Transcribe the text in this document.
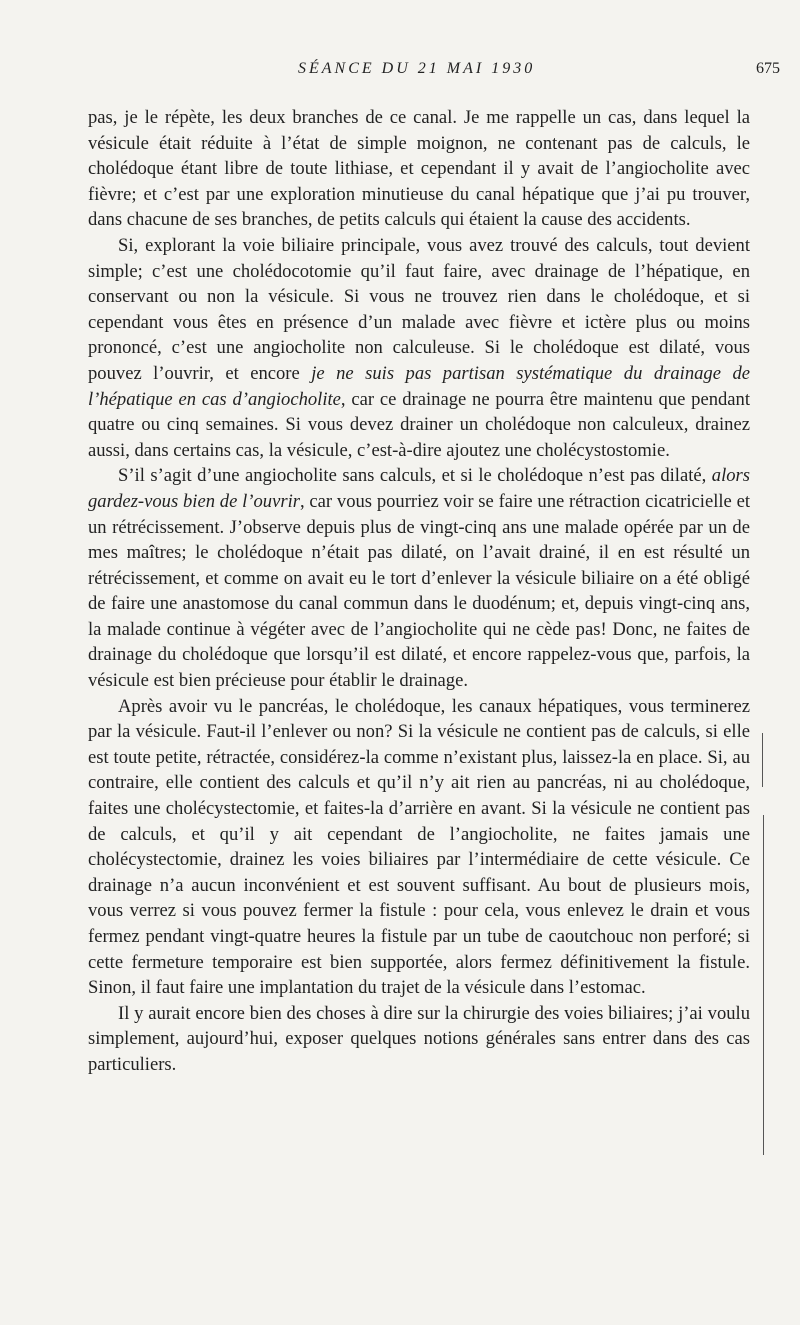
SÉANCE DU 21 MAI 1930	675

pas, je le répète, les deux branches de ce canal. Je me rappelle un cas, dans lequel la vésicule était réduite à l’état de simple moignon, ne contenant pas de calculs, le cholédoque étant libre de toute lithiase, et cependant il y avait de l’angiocholite avec fièvre; et c’est par une exploration minutieuse du canal hépatique que j’ai pu trouver, dans chacune de ses branches, de petits calculs qui étaient la cause des accidents.

Si, explorant la voie biliaire principale, vous avez trouvé des calculs, tout devient simple; c’est une cholédocotomie qu’il faut faire, avec drainage de l’hépatique, en conservant ou non la vésicule. Si vous ne trouvez rien dans le cholédoque, et si cependant vous êtes en présence d’un malade avec fièvre et ictère plus ou moins prononcé, c’est une angiocholite non calculeuse. Si le cholédoque est dilaté, vous pouvez l’ouvrir, et encore je ne suis pas partisan systématique du drainage de l’hépatique en cas d’angiocholite, car ce drainage ne pourra être maintenu que pendant quatre ou cinq semaines. Si vous devez drainer un cholédoque non calculeux, drainez aussi, dans certains cas, la vésicule, c’est-à-dire ajoutez une cholécystostomie.

S’il s’agit d’une angiocholite sans calculs, et si le cholédoque n’est pas dilaté, alors gardez-vous bien de l’ouvrir, car vous pourriez voir se faire une rétraction cicatricielle et un rétrécissement. J’observe depuis plus de vingt-cinq ans une malade opérée par un de mes maîtres; le cholédoque n’était pas dilaté, on l’avait drainé, il en est résulté un rétrécissement, et comme on avait eu le tort d’enlever la vésicule biliaire on a été obligé de faire une anastomose du canal commun dans le duodénum; et, depuis vingt-cinq ans, la malade continue à végéter avec de l’angiocholite qui ne cède pas! Donc, ne faites de drainage du cholédoque que lorsqu’il est dilaté, et encore rappelez-vous que, parfois, la vésicule est bien précieuse pour établir le drainage.

Après avoir vu le pancréas, le cholédoque, les canaux hépatiques, vous terminerez par la vésicule. Faut-il l’enlever ou non? Si la vésicule ne contient pas de calculs, si elle est toute petite, rétractée, considérez-la comme n’existant plus, laissez-la en place. Si, au contraire, elle contient des calculs et qu’il n’y ait rien au pancréas, ni au cholédoque, faites une cholécystectomie, et faites-la d’arrière en avant. Si la vésicule ne contient pas de calculs, et qu’il y ait cependant de l’angiocholite, ne faites jamais une cholécystectomie, drainez les voies biliaires par l’intermédiaire de cette vésicule. Ce drainage n’a aucun inconvénient et est souvent suffisant. Au bout de plusieurs mois, vous verrez si vous pouvez fermer la fistule : pour cela, vous enlevez le drain et vous fermez pendant vingt-quatre heures la fistule par un tube de caoutchouc non perforé; si cette fermeture temporaire est bien supportée, alors fermez définitivement la fistule. Sinon, il faut faire une implantation du trajet de la vésicule dans l’estomac.

Il y aurait encore bien des choses à dire sur la chirurgie des voies biliaires; j’ai voulu simplement, aujourd’hui, exposer quelques notions générales sans entrer dans des cas particuliers.
